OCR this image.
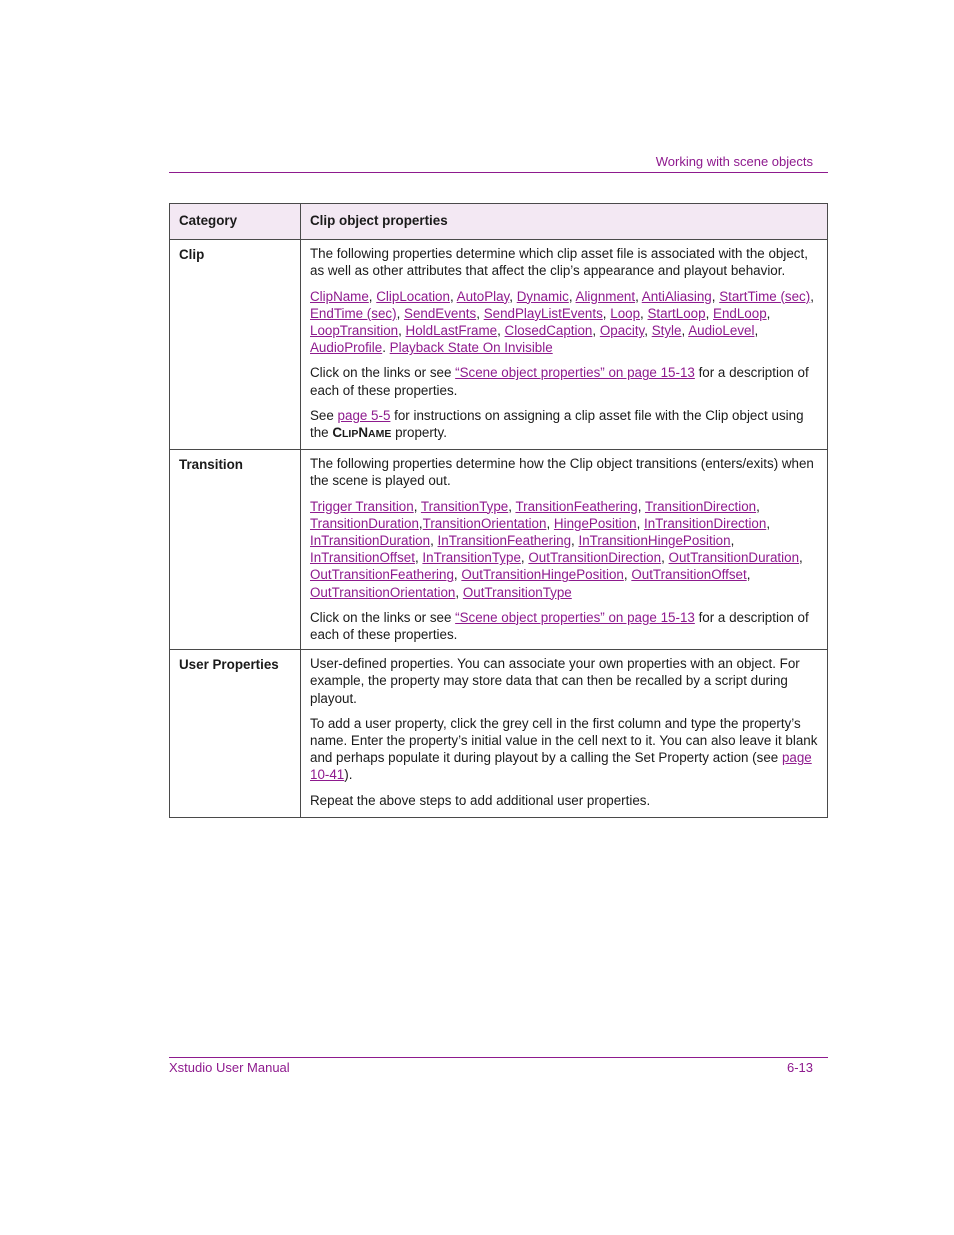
Working with scene objects
Category	Clip object properties
Clip	The following properties determine which clip asset file is associated with the object, as well as other attributes that affect the clip’s appearance and playout behavior.

ClipName, ClipLocation, AutoPlay, Dynamic, Alignment, AntiAliasing, StartTime (sec), EndTime (sec), SendEvents, SendPlayListEvents, Loop, StartLoop, EndLoop, LoopTransition, HoldLastFrame, ClosedCaption, Opacity, Style, AudioLevel, AudioProfile. Playback State On Invisible

Click on the links or see “Scene object properties” on page 15-13 for a description of each of these properties.

See page 5-5 for instructions on assigning a clip asset file with the Clip object using the CLIPNAME property.

Transition	The following properties determine how the Clip object transitions (enters/exits) when the scene is played out.

Trigger Transition, TransitionType, TransitionFeathering, TransitionDirection, TransitionDuration,TransitionOrientation, HingePosition, InTransitionDirection, InTransitionDuration, InTransitionFeathering, InTransitionHingePosition, InTransitionOffset, InTransitionType, OutTransitionDirection, OutTransitionDuration, OutTransitionFeathering, OutTransitionHingePosition, OutTransitionOffset, OutTransitionOrientation, OutTransitionType

Click on the links or see “Scene object properties” on page 15-13 for a description of each of these properties.

User Properties	User-defined properties. You can associate your own properties with an object. For example, the property may store data that can then be recalled by a script during playout.

To add a user property, click the grey cell in the first column and type the property’s name. Enter the property’s initial value in the cell next to it. You can also leave it blank and perhaps populate it during playout by a calling the Set Property action (see page 10-41).

Repeat the above steps to add additional user properties.

Xstudio User Manual	6-13
